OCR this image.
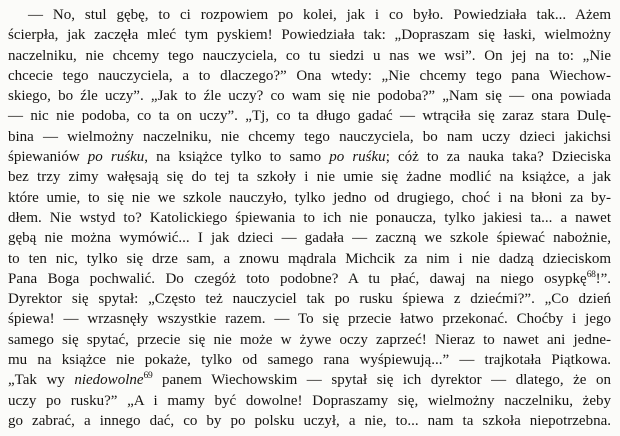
— No, stul gębę, to ci rozpowiem po kolei, jak i co było. Powiedziała tak... Ażem
ścierpła, jak zaczęła mleć tym pyskiem! Powiedziała tak: „Dopraszam się łaski, wielmożny
naczelniku, nie chcemy tego nauczyciela, co tu siedzi u nas we wsi”. On jej na to: „Nie
chcecie tego nauczyciela, a to dlaczego?” Ona wtedy: „Nie chcemy tego pana Wiechow-
skiego, bo źle uczy”. „Jak to źle uczy? co wam się nie podoba?” „Nam się — ona powiada
— nic nie podoba, co ta on uczy”. „Tj, co ta długo gadać — wtrąciła się zaraz stara Dulę-
bina — wielmożny naczelniku, nie chcemy tego nauczyciela, bo nam uczy dzieci jakichsi
śpiewaniów po ruśku, na książce tylko to samo po ruśku; cóż to za nauka taka? Dzieciska
bez trzy zimy wałęsają się do tej ta szkoły i nie umie się żadne modlić na książce, a jak
które umie, to się nie we szkole nauczyło, tylko jedno od drugiego, choć i na błoni za by-
dłem. Nie wstyd to? Katolickiego śpiewania to ich nie ponaucza, tylko jakiesi ta... a nawet
gębą nie można wymówić... I jak dzieci — gadała — zaczną we szkole śpiewać nabożnie,
to ten nic, tylko się drze sam, a znowu mądrala Michcik za nim i nie dadzą dzieciskom
Pana Boga pochwalić. Do czegóż toto podobne? A tu płać, dawaj na niego osypkę$^{68}$!”.
Dyrektor się spytał: „Często też nauczyciel tak po rusku śpiewa z dziećmi?”. „Co dzień
śpiewa! — wrzasnęły wszystkie razem. — To się przecie łatwo przekonać. Choćby i jego
samego się spytać, przecie się nie może w żywe oczy zaprzeć! Nieraz to nawet ani jedne-
mu na książce nie pokaże, tylko od samego rana wyśpiewują...” — trajkotała Piątkowa.
„Tak wy niedowolne$^{69}$ panem Wiechowskim — spytał się ich dyrektor — dlatego, że on
uczy po rusku?” „A i mamy być dowolne! Dopraszamy się, wielmożny naczelniku, żeby
go zabrać, a innego dać, co by po polsku uczył, a nie, to... nam ta szkoła niepotrzebna.
